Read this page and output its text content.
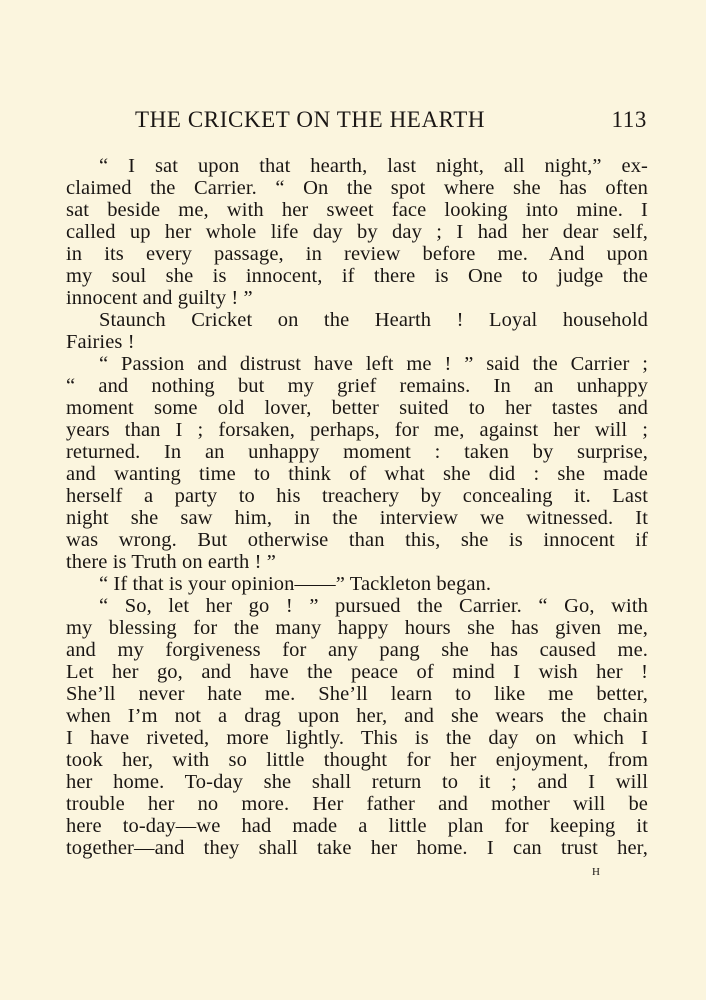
THE CRICKET ON THE HEARTH	113
“ I sat upon that hearth, last night, all night,” ex-
claimed the Carrier. “ On the spot where she has often
sat beside me, with her sweet face looking into mine. I
called up her whole life day by day ; I had her dear self,
in its every passage, in review before me. And upon
my soul she is innocent, if there is One to judge the
innocent and guilty ! ”
Staunch Cricket on the Hearth ! Loyal household
Fairies !
“ Passion and distrust have left me ! ” said the Carrier ;
“ and nothing but my grief remains. In an unhappy
moment some old lover, better suited to her tastes and
years than I ; forsaken, perhaps, for me, against her will ;
returned. In an unhappy moment : taken by surprise,
and wanting time to think of what she did : she made
herself a party to his treachery by concealing it. Last
night she saw him, in the interview we witnessed. It
was wrong. But otherwise than this, she is innocent if
there is Truth on earth ! ”
“ If that is your opinion——” Tackleton began.
“ So, let her go ! ” pursued the Carrier. “ Go, with
my blessing for the many happy hours she has given me,
and my forgiveness for any pang she has caused me.
Let her go, and have the peace of mind I wish her !
She’ll never hate me. She’ll learn to like me better,
when I’m not a drag upon her, and she wears the chain
I have riveted, more lightly. This is the day on which I
took her, with so little thought for her enjoyment, from
her home. To-day she shall return to it ; and I will
trouble her no more. Her father and mother will be
here to-day—we had made a little plan for keeping it
together—and they shall take her home. I can trust her,
H
